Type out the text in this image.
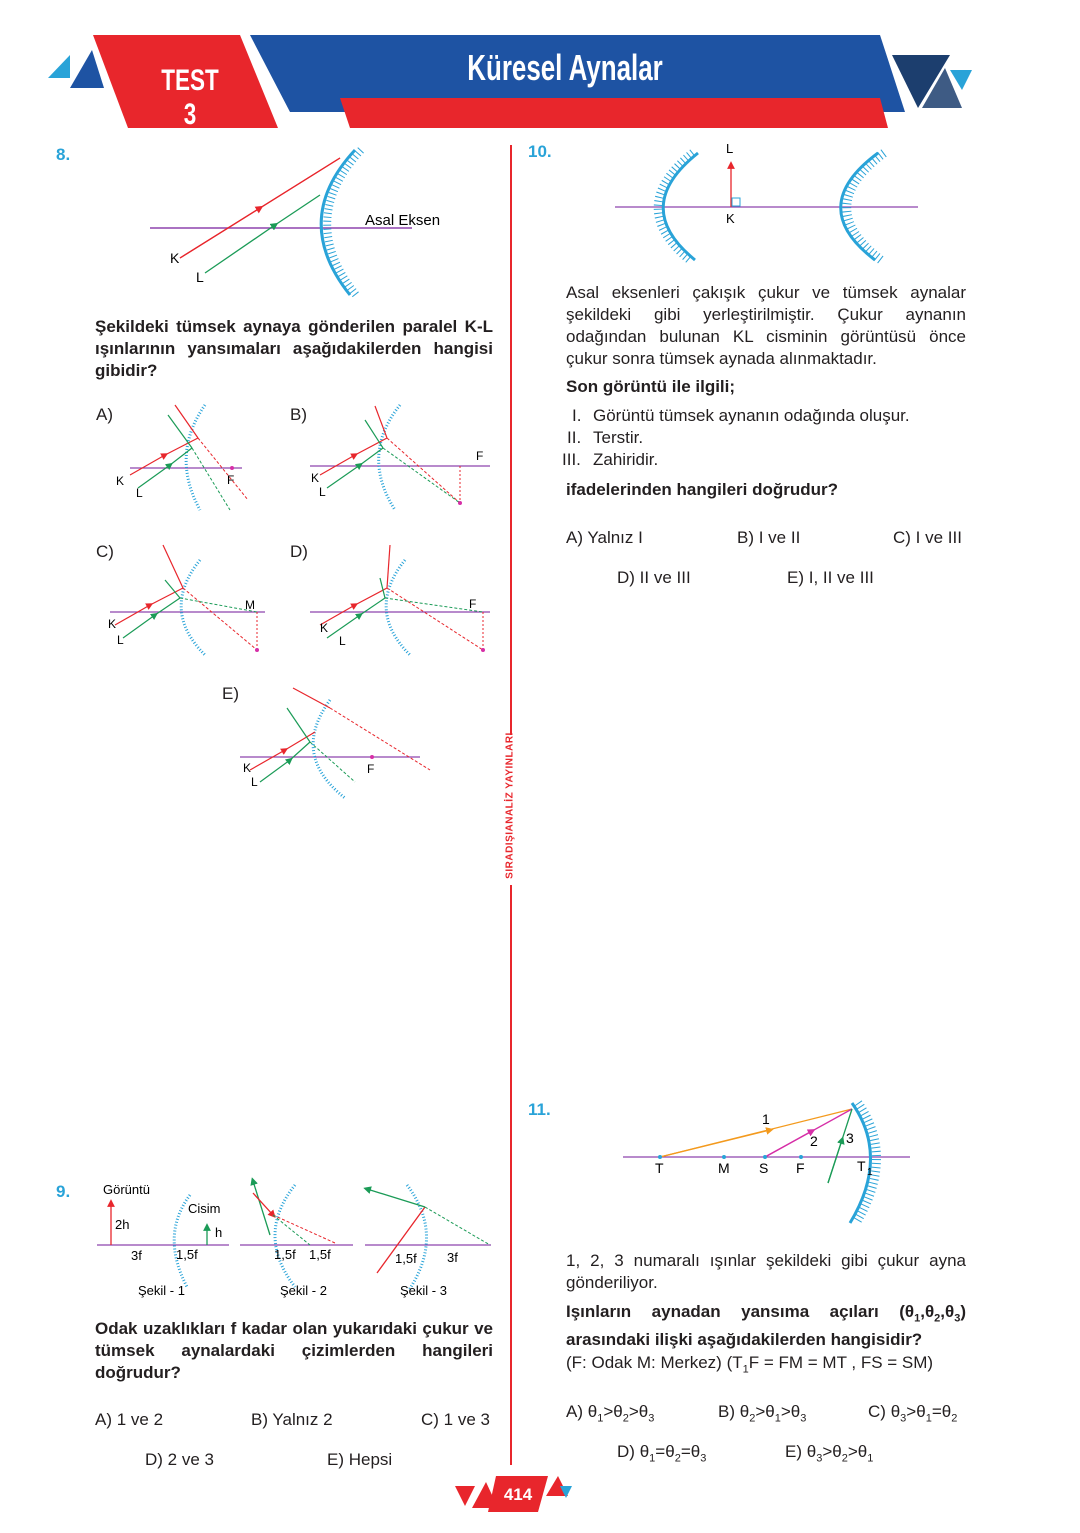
TEST 3
Küresel Aynalar
SIRADIŞIANALİZ YAYINLARI
8.
Asal Eksen
K
L
Şekildeki tümsek aynaya gönderilen paralel K-L ışınlarının yansımaları aşağıdakilerden hangisi gibidir?
A)
K
L
F
B)
K
L
F
C)
K
L
M
D)
K
L
F
E)
K
L
F
9.	Görüntü
Cisim
2h
h
3f	1,5f
Şekil - 1
1,5f 1,5f
Şekil - 2
1,5f 3f
Şekil - 3
Odak uzaklıkları f kadar olan yukarıdaki çukur ve tümsek aynalardaki çizimlerden hangileri doğrudur?
A) 1 ve 2	B) Yalnız 2	C) 1 ve 3
D) 2 ve 3	E) Hepsi
10.	L
K
Asal eksenleri çakışık çukur ve tümsek aynalar şekildeki gibi yerleştirilmiştir. Çukur aynanın odağından bulunan KL cisminin görüntüsü önce çukur sonra tümsek aynada alınmaktadır.
Son görüntü ile ilgili;
I. Görüntü tümsek aynanın odağında oluşur.
II. Terstir.
III. Zahiridir.
ifadelerinden hangileri doğrudur?
A) Yalnız I	B) I ve II	C) I ve III
D) II ve III	E) I, II ve III
11.	1
2 3
T	M S F	T 1
1, 2, 3 numaralı ışınlar şekildeki gibi çukur ayna gönderiliyor.
Işınların aynadan yansıma açıları $(\theta_1,\theta_2,\theta_3)$ arasındaki ilişki aşağıdakilerden hangisidir?
(F: Odak M: Merkez) ($T_1F$ = FM = MT , FS = SM)
A) $\theta_1>\theta_2>\theta_3$	B) $\theta_2>\theta_1>\theta_3$	C) $\theta_3>\theta_1=\theta_2$
D) $\theta_1=\theta_2=\theta_3$	E) $\theta_3>\theta_2>\theta_1$
414
